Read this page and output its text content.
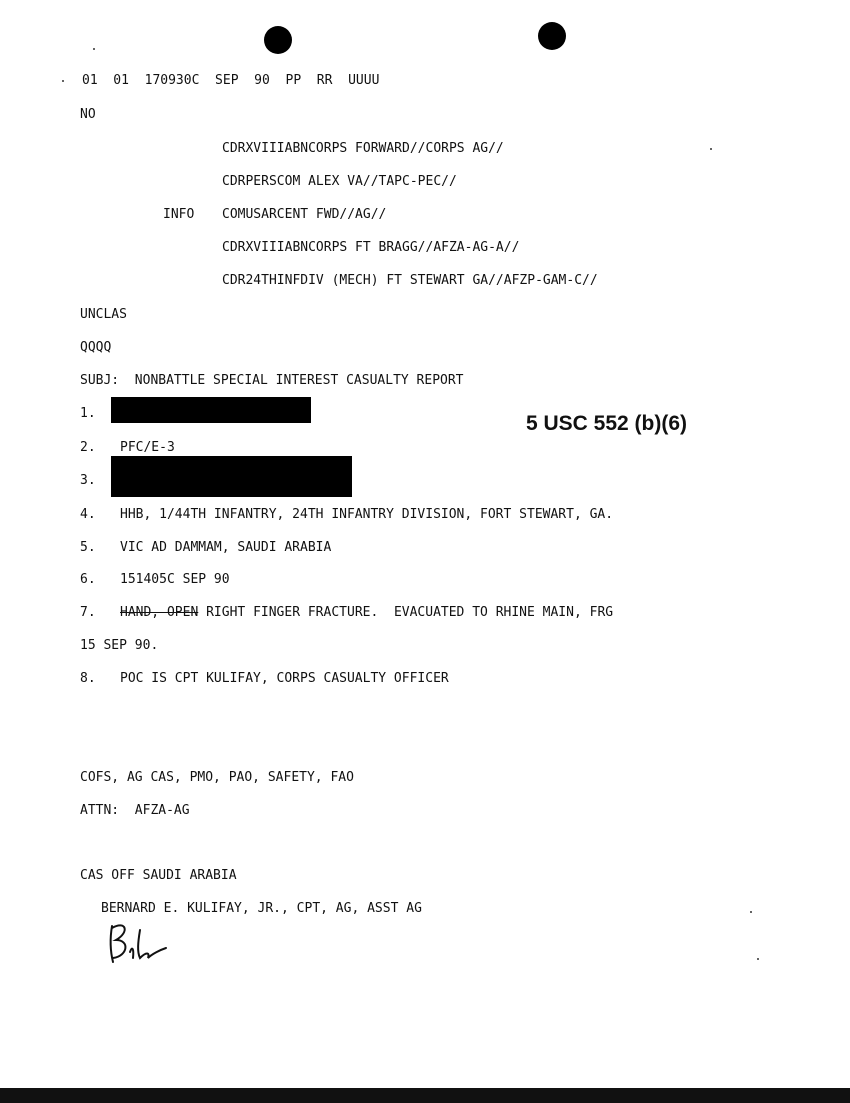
01  01  170930C  SEP  90  PP  RR  UUUU
NO
CDRXVIIIABNCORPS FORWARD//CORPS AG//
CDRPERSCOM ALEX VA//TAPC-PEC//
INFO COMUSARCENT FWD//AG//
CDRXVIIIABNCORPS FT BRAGG//AFZA-AG-A//
CDR24THINFDIV (MECH) FT STEWART GA//AFZP-GAM-C//
UNCLAS
QQQQ
SUBJ:  NONBATTLE SPECIAL INTEREST CASUALTY REPORT
1.	5 USC 552 (b)(6)
2. PFC/E-3
3.
4. HHB, 1/44TH INFANTRY, 24TH INFANTRY DIVISION, FORT STEWART, GA.
5. VIC AD DAMMAM, SAUDI ARABIA
6. 151405C SEP 90
7. HAND, OPEN RIGHT FINGER FRACTURE.  EVACUATED TO RHINE MAIN, FRG
15 SEP 90.
8. POC IS CPT KULIFAY, CORPS CASUALTY OFFICER
COFS, AG CAS, PMO, PAO, SAFETY, FAO
ATTN:  AFZA-AG
CAS OFF SAUDI ARABIA
BERNARD E. KULIFAY, JR., CPT, AG, ASST AG
